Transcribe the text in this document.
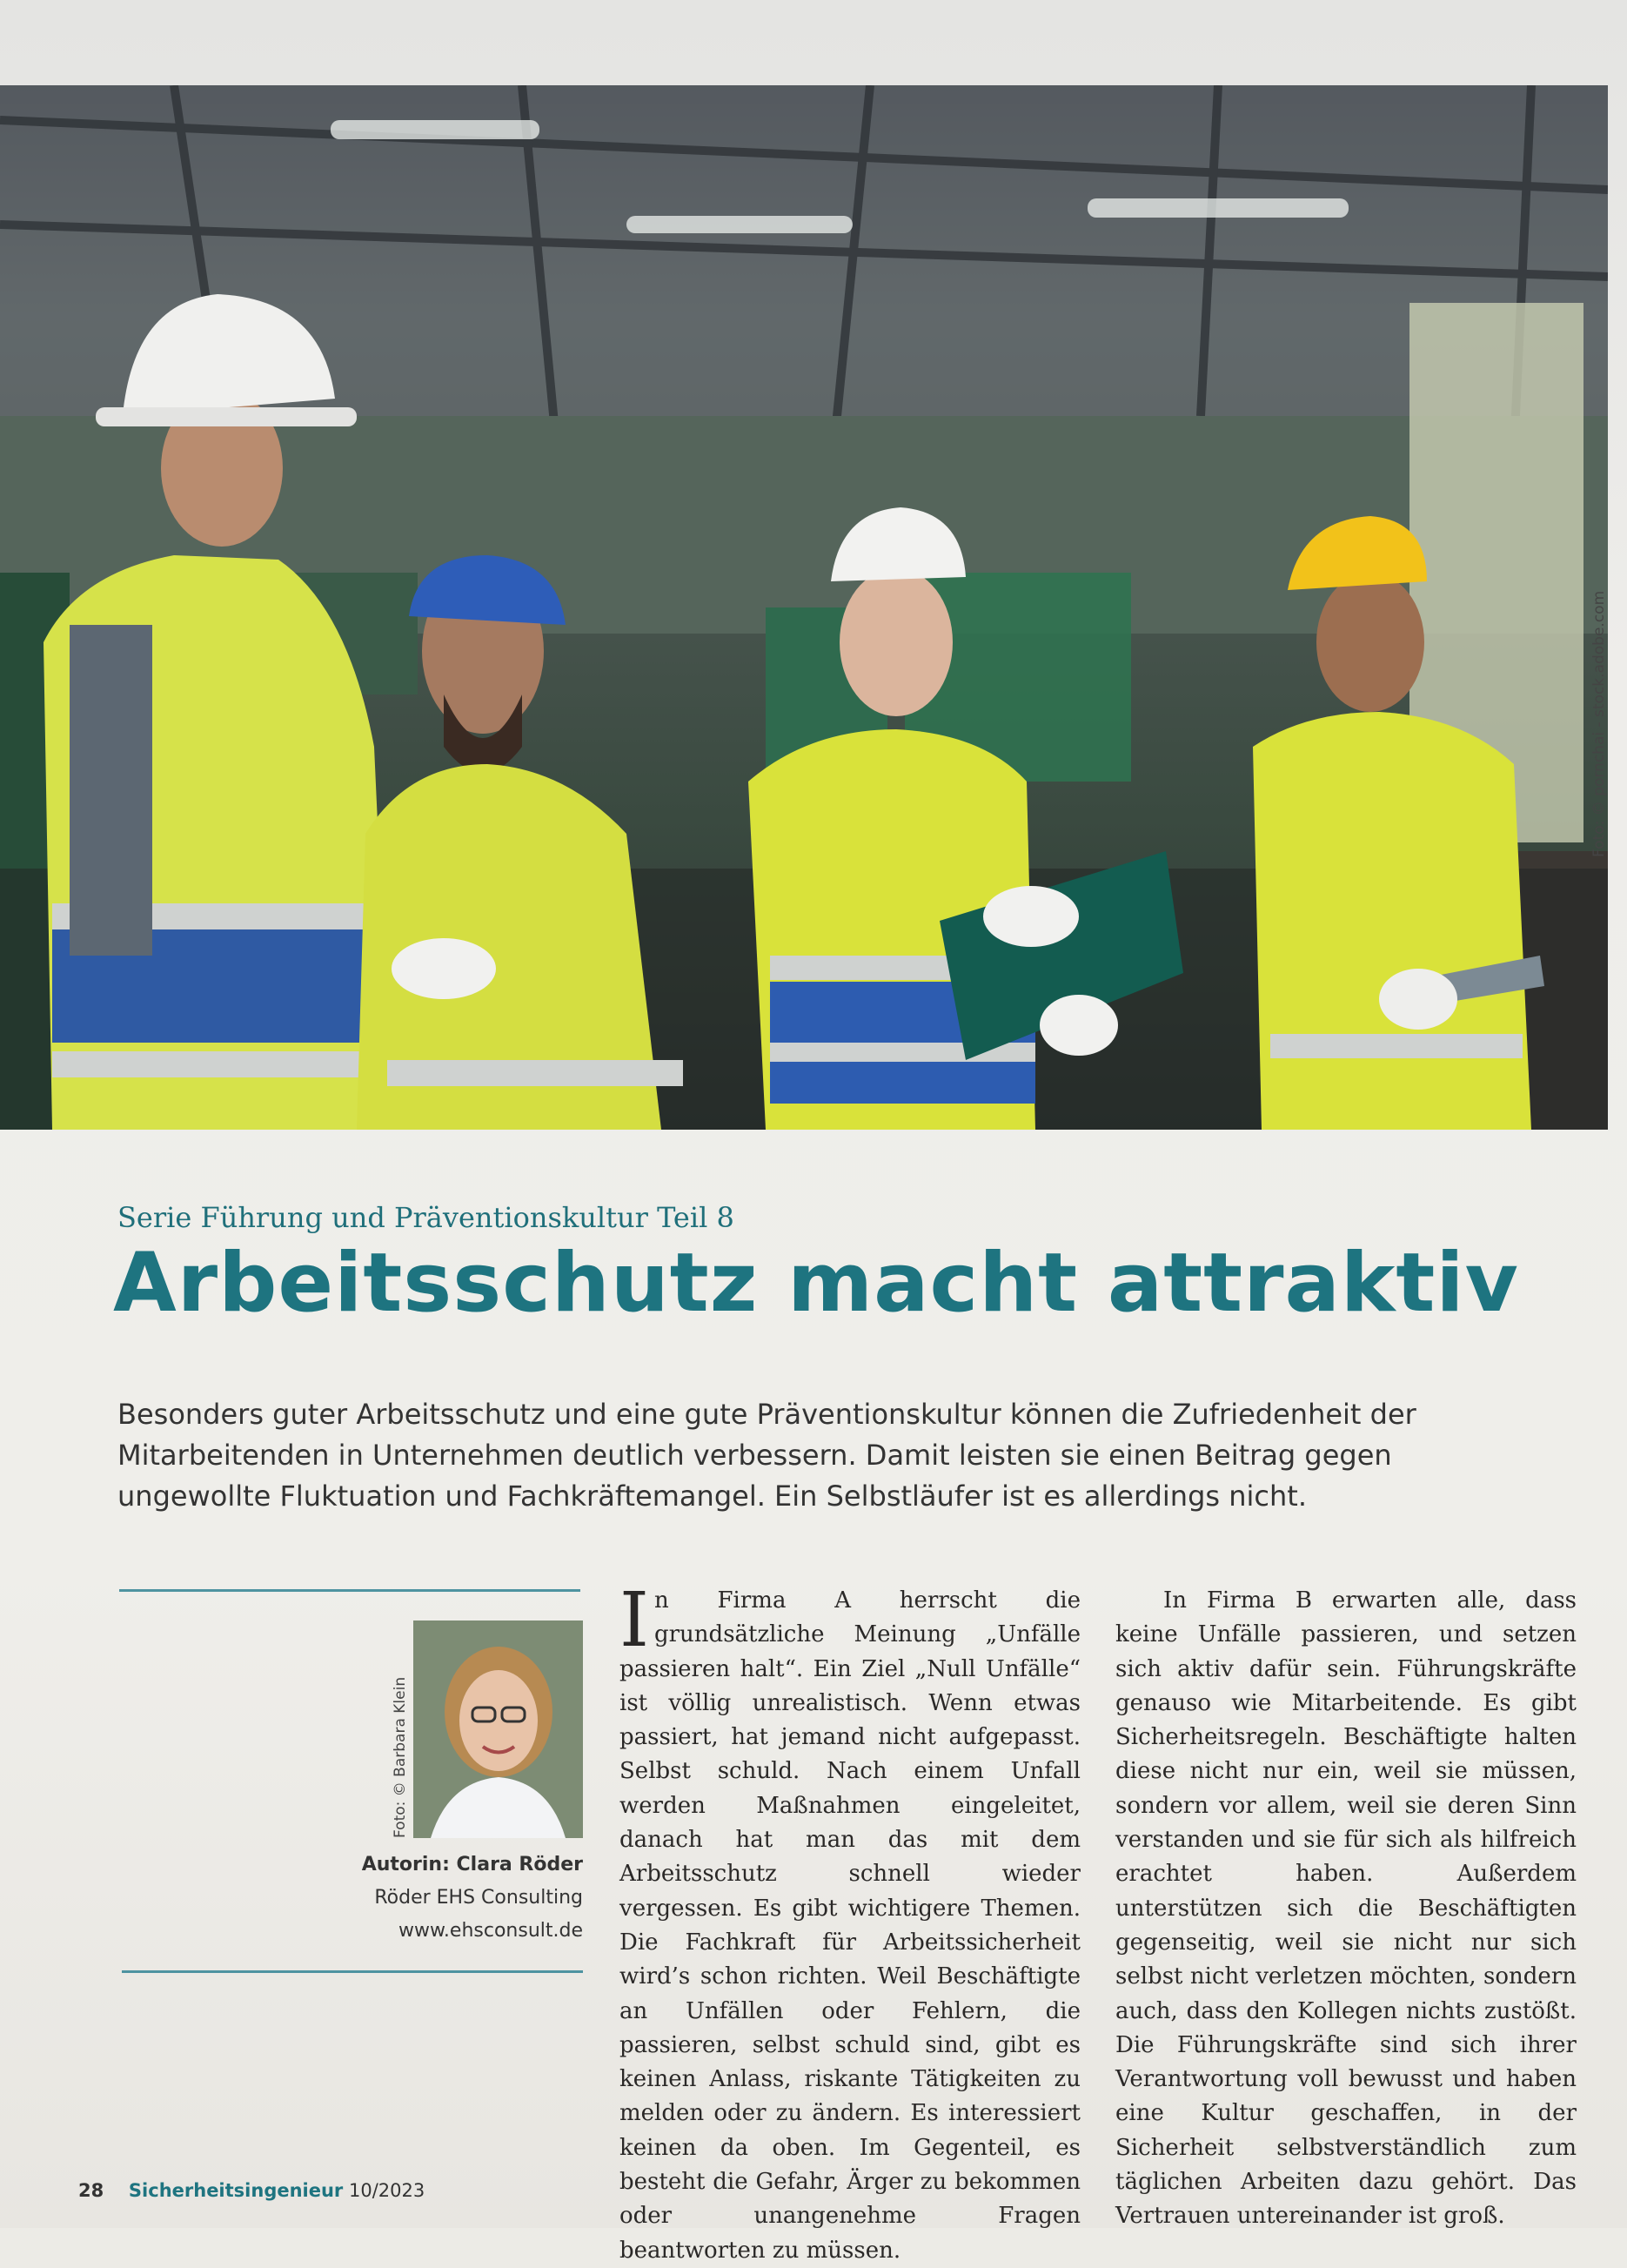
Foto: © pornchai - stock.adobe.com
Serie Führung und Präventionskultur Teil 8
Arbeitsschutz macht attraktiv
Besonders guter Arbeitsschutz und eine gute Präventionskultur können die Zufriedenheit der Mitarbeitenden in Unternehmen deutlich verbessern. Damit leisten sie einen Beitrag gegen ungewollte Fluktuation und Fachkräftemangel. Ein Selbstläufer ist es allerdings nicht.
Foto: © Barbara Klein
Autorin: Clara Röder
Röder EHS Consulting
www.ehsconsult.de
In Firma A herrscht die grundsätzliche Meinung „Unfälle passieren halt“. Ein Ziel „Null Unfälle“ ist völlig unrealistisch. Wenn etwas passiert, hat jemand nicht aufgepasst. Selbst schuld. Nach einem Unfall werden Maßnahmen eingeleitet, danach hat man das mit dem Arbeitsschutz schnell wieder vergessen. Es gibt wichtigere Themen. Die Fachkraft für Arbeitssicherheit wird’s schon richten. Weil Beschäftigte an Unfällen oder Fehlern, die passieren, selbst schuld sind, gibt es keinen Anlass, riskante Tätigkeiten zu melden oder zu ändern. Es interessiert keinen da oben. Im Gegenteil, es besteht die Gefahr, Ärger zu bekommen oder unangenehme Fragen beantworten zu müssen.

In Firma B erwarten alle, dass keine Unfälle passieren, und setzen sich aktiv dafür sein. Führungskräfte genauso wie Mitarbeitende. Es gibt Sicherheitsregeln. Beschäftigte halten diese nicht nur ein, weil sie müssen, sondern vor allem, weil sie deren Sinn verstanden und sie für sich als hilfreich erachtet haben. Außerdem unterstützen sich die Beschäftigten gegenseitig, weil sie nicht nur sich selbst nicht verletzen möchten, sondern auch, dass den Kollegen nichts zustößt. Die Führungskräfte sind sich ihrer Verantwortung voll bewusst und haben eine Kultur geschaffen, in der Sicherheit selbstverständlich zum täglichen Arbeiten dazu gehört. Das Vertrauen untereinander ist groß.

28 Sicherheitsingenieur 10/2023
